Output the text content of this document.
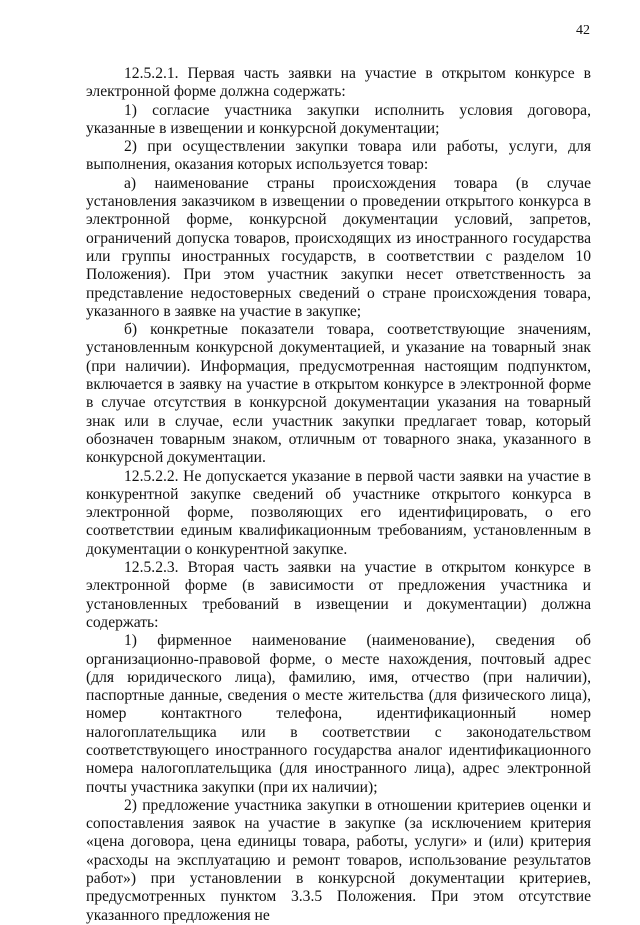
42

12.5.2.1. Первая часть заявки на участие в открытом конкурсе в электронной форме должна содержать:

1) согласие участника закупки исполнить условия договора, указанные в извещении и конкурсной документации;

2) при осуществлении закупки товара или работы, услуги, для выполнения, оказания которых используется товар:

а) наименование страны происхождения товара (в случае установления заказчиком в извещении о проведении открытого конкурса в электронной форме, конкурсной документации условий, запретов, ограничений допуска товаров, происходящих из иностранного государства или группы иностранных государств, в соответствии с разделом 10 Положения). При этом участник закупки несет ответственность за представление недостоверных сведений о стране происхождения товара, указанного в заявке на участие в закупке;

б) конкретные показатели товара, соответствующие значениям, установленным конкурсной документацией, и указание на товарный знак (при наличии). Информация, предусмотренная настоящим подпунктом, включается в заявку на участие в открытом конкурсе в электронной форме в случае отсутствия в конкурсной документации указания на товарный знак или в случае, если участник закупки предлагает товар, который обозначен товарным знаком, отличным от товарного знака, указанного в конкурсной документации.

12.5.2.2. Не допускается указание в первой части заявки на участие в конкурентной закупке сведений об участнике открытого конкурса в электронной форме, позволяющих его идентифицировать, о его соответствии единым квалификационным требованиям, установленным в документации о конкурентной закупке.

12.5.2.3. Вторая часть заявки на участие в открытом конкурсе в электронной форме (в зависимости от предложения участника и установленных требований в извещении и документации) должна содержать:

1) фирменное наименование (наименование), сведения об организационно-правовой форме, о месте нахождения, почтовый адрес (для юридического лица), фамилию, имя, отчество (при наличии), паспортные данные, сведения о месте жительства (для физического лица), номер контактного телефона, идентификационный номер налогоплательщика или в соответствии с законодательством соответствующего иностранного государства аналог идентификационного номера налогоплательщика (для иностранного лица), адрес электронной почты участника закупки (при их наличии);

2) предложение участника закупки в отношении критериев оценки и сопоставления заявок на участие в закупке (за исключением критерия «цена договора, цена единицы товара, работы, услуги» и (или) критерия «расходы на эксплуатацию и ремонт товаров, использование результатов работ») при установлении в конкурсной документации критериев, предусмотренных пунктом 3.3.5 Положения. При этом отсутствие указанного предложения не
